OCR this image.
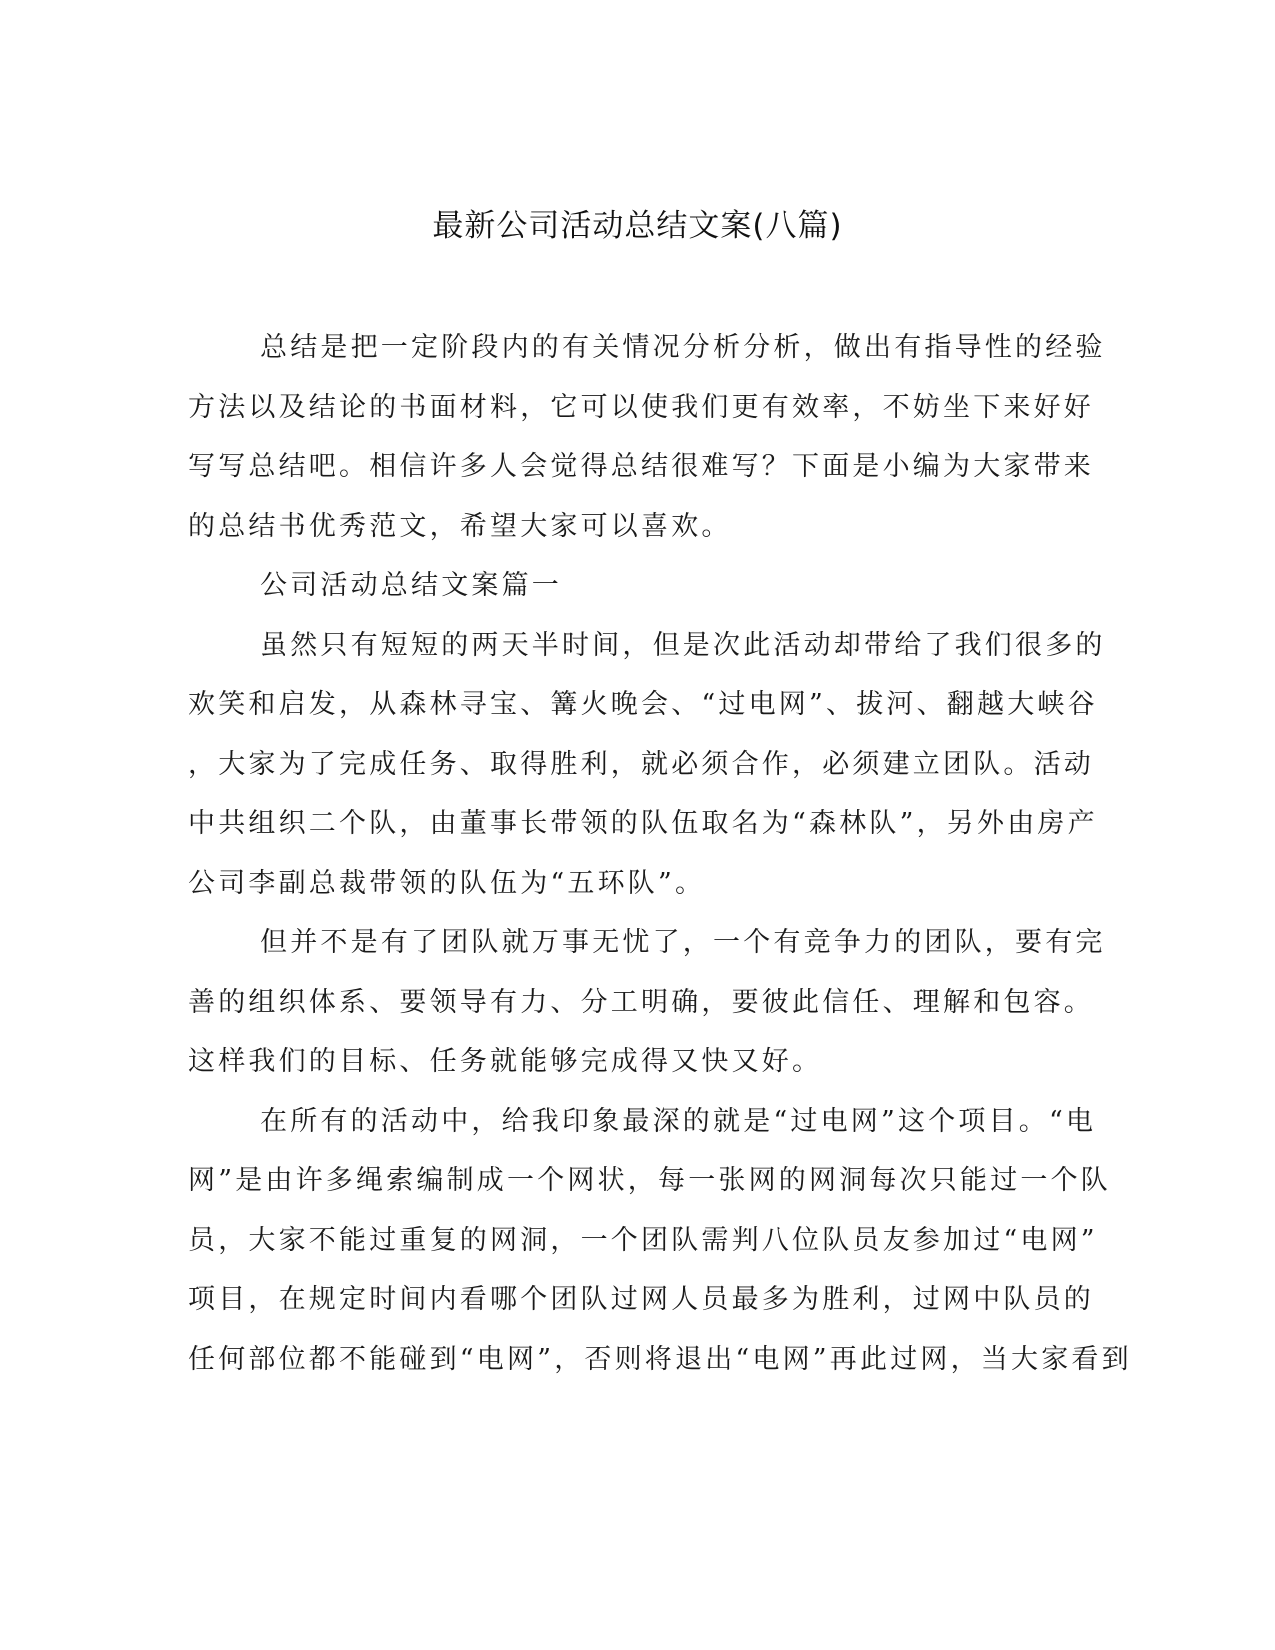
最新公司活动总结文案(八篇)

总结是把一定阶段内的有关情况分析分析，做出有指导性的经验
方法以及结论的书面材料，它可以使我们更有效率，不妨坐下来好好
写写总结吧。相信许多人会觉得总结很难写？下面是小编为大家带来
的总结书优秀范文，希望大家可以喜欢。

公司活动总结文案篇一

虽然只有短短的两天半时间，但是次此活动却带给了我们很多的
欢笑和启发，从森林寻宝、篝火晚会、“过电网”、拔河、翻越大峡谷
，大家为了完成任务、取得胜利，就必须合作，必须建立团队。活动
中共组织二个队，由董事长带领的队伍取名为“森林队”，另外由房产
公司李副总裁带领的队伍为“五环队”。

但并不是有了团队就万事无忧了，一个有竞争力的团队，要有完
善的组织体系、要领导有力、分工明确，要彼此信任、理解和包容。
这样我们的目标、任务就能够完成得又快又好。

在所有的活动中，给我印象最深的就是“过电网”这个项目。“电
网”是由许多绳索编制成一个网状，每一张网的网洞每次只能过一个队
员，大家不能过重复的网洞，一个团队需判八位队员友参加过“电网”
项目，在规定时间内看哪个团队过网人员最多为胜利，过网中队员的
任何部位都不能碰到“电网”，否则将退出“电网”再此过网，当大家看到
